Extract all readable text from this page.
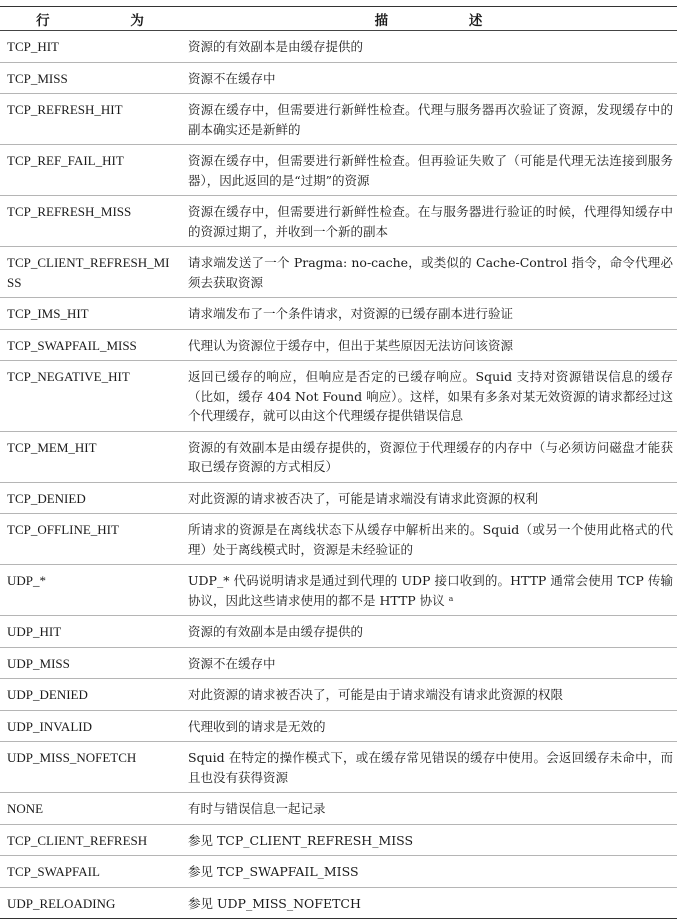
行 为	描 述
TCP_HIT	资源的有效副本是由缓存提供的
TCP_MISS	资源不在缓存中
TCP_REFRESH_HIT	资源在缓存中，但需要进行新鲜性检查。代理与服务器再次验证了资源，发现缓存中的副本确实还是新鲜的
TCP_REF_FAIL_HIT	资源在缓存中，但需要进行新鲜性检查。但再验证失败了（可能是代理无法连接到服务器），因此返回的是“过期”的资源
TCP_REFRESH_MISS	资源在缓存中，但需要进行新鲜性检查。在与服务器进行验证的时候，代理得知缓存中的资源过期了，并收到一个新的副本
TCP_CLIENT_REFRESH_MISS	请求端发送了一个 Pragma: no-cache，或类似的 Cache-Control 指令，命令代理必须去获取资源
TCP_IMS_HIT	请求端发布了一个条件请求，对资源的已缓存副本进行验证
TCP_SWAPFAIL_MISS	代理认为资源位于缓存中，但出于某些原因无法访问该资源
TCP_NEGATIVE_HIT	返回已缓存的响应，但响应是否定的已缓存响应。Squid 支持对资源错误信息的缓存（比如，缓存 404 Not Found 响应）。这样，如果有多条对某无效资源的请求都经过这个代理缓存，就可以由这个代理缓存提供错误信息
TCP_MEM_HIT	资源的有效副本是由缓存提供的，资源位于代理缓存的内存中（与必须访问磁盘才能获取已缓存资源的方式相反）
TCP_DENIED	对此资源的请求被否决了，可能是请求端没有请求此资源的权利
TCP_OFFLINE_HIT	所请求的资源是在离线状态下从缓存中解析出来的。Squid（或另一个使用此格式的代理）处于离线模式时，资源是未经验证的
UDP_*	UDP_* 代码说明请求是通过到代理的 UDP 接口收到的。HTTP 通常会使用 TCP 传输协议，因此这些请求使用的都不是 HTTP 协议 ᵃ
UDP_HIT	资源的有效副本是由缓存提供的
UDP_MISS	资源不在缓存中
UDP_DENIED	对此资源的请求被否决了，可能是由于请求端没有请求此资源的权限
UDP_INVALID	代理收到的请求是无效的
UDP_MISS_NOFETCH	Squid 在特定的操作模式下，或在缓存常见错误的缓存中使用。会返回缓存未命中，而且也没有获得资源
NONE	有时与错误信息一起记录
TCP_CLIENT_REFRESH	参见 TCP_CLIENT_REFRESH_MISS
TCP_SWAPFAIL	参见 TCP_SWAPFAIL_MISS
UDP_RELOADING	参见 UDP_MISS_NOFETCH
